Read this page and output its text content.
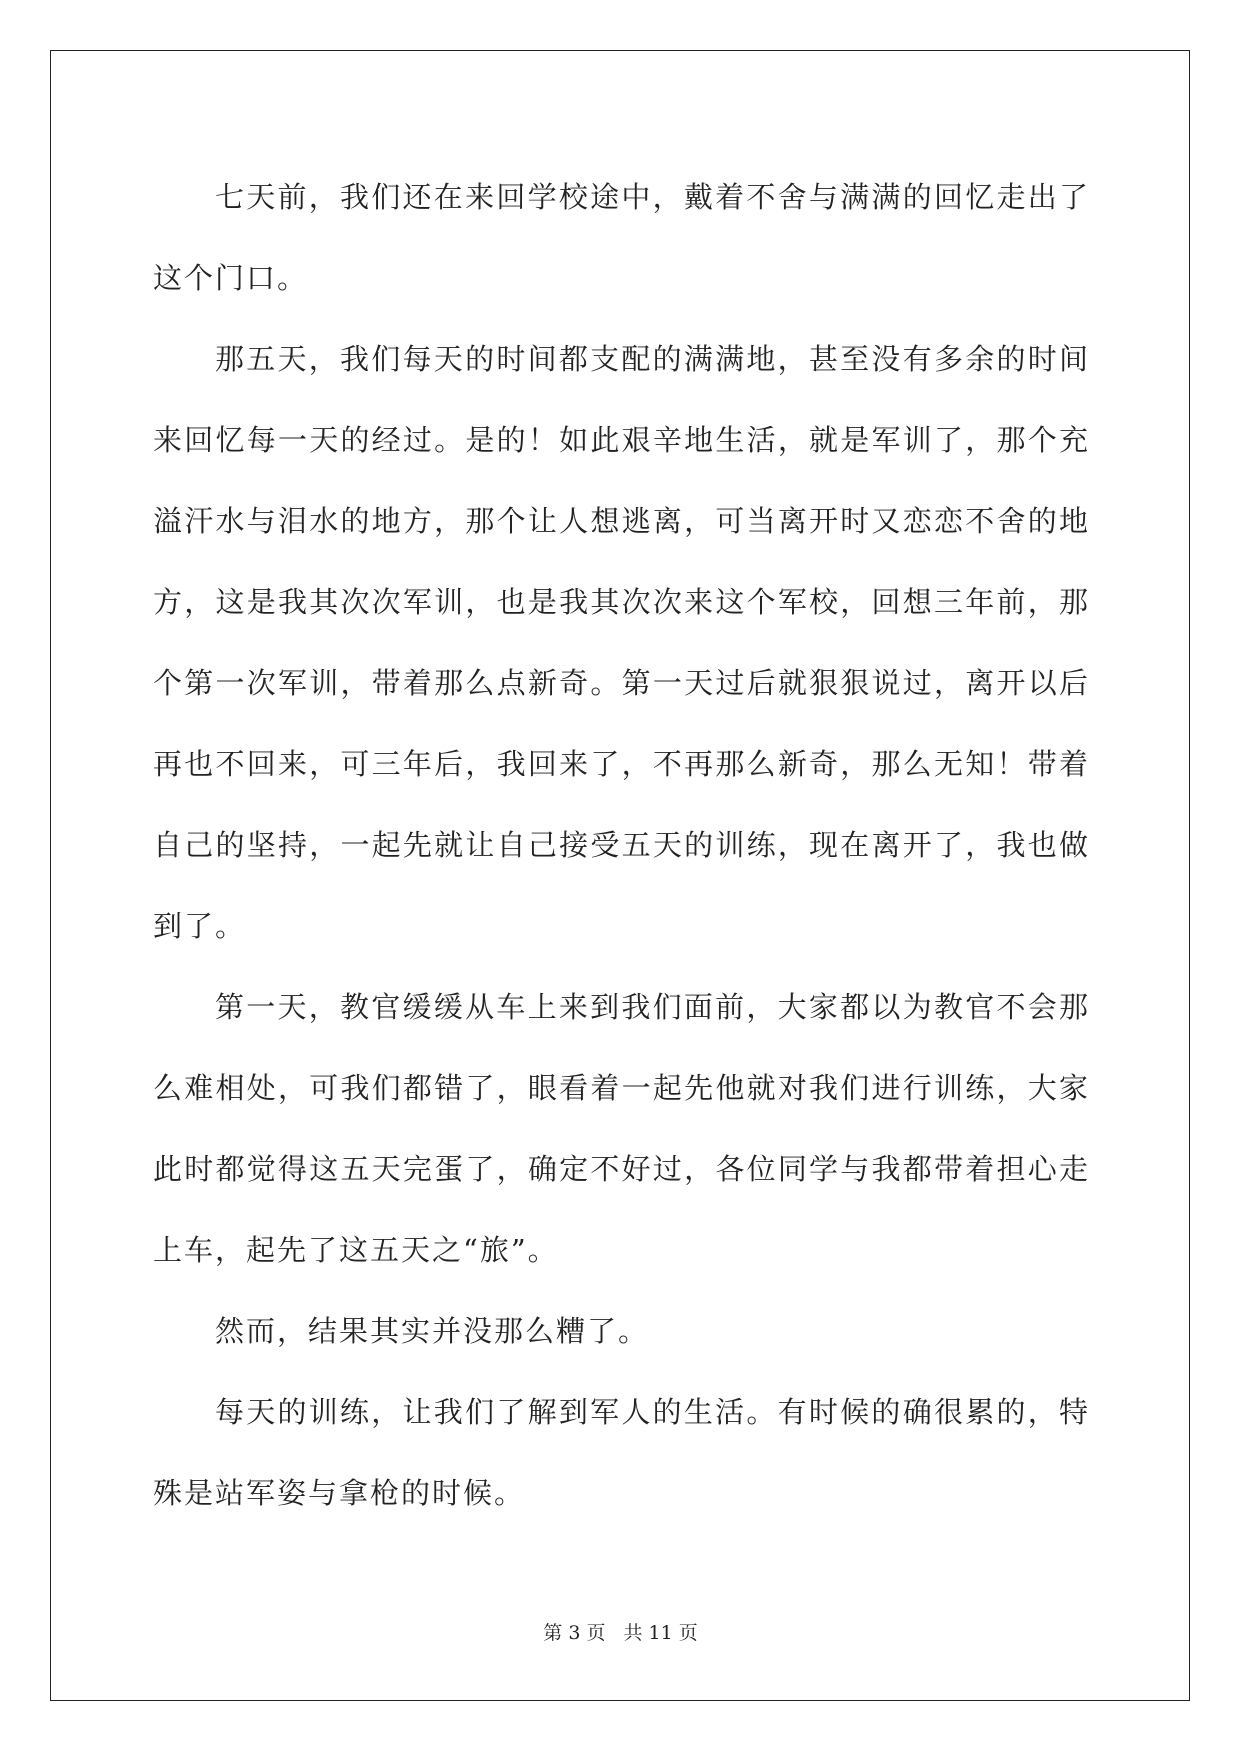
七天前，我们还在来回学校途中，戴着不舍与满满的回忆走出了这个门口。

那五天，我们每天的时间都支配的满满地，甚至没有多余的时间来回忆每一天的经过。是的！如此艰辛地生活，就是军训了，那个充溢汗水与泪水的地方，那个让人想逃离，可当离开时又恋恋不舍的地方，这是我其次次军训，也是我其次次来这个军校，回想三年前，那个第一次军训，带着那么点新奇。第一天过后就狠狠说过，离开以后再也不回来，可三年后，我回来了，不再那么新奇，那么无知！带着自己的坚持，一起先就让自己接受五天的训练，现在离开了，我也做到了。

第一天，教官缓缓从车上来到我们面前，大家都以为教官不会那么难相处，可我们都错了，眼看着一起先他就对我们进行训练，大家此时都觉得这五天完蛋了，确定不好过，各位同学与我都带着担心走上车，起先了这五天之“旅”。

然而，结果其实并没那么糟了。

每天的训练，让我们了解到军人的生活。有时候的确很累的，特殊是站军姿与拿枪的时候。

第 3 页 共 11 页
